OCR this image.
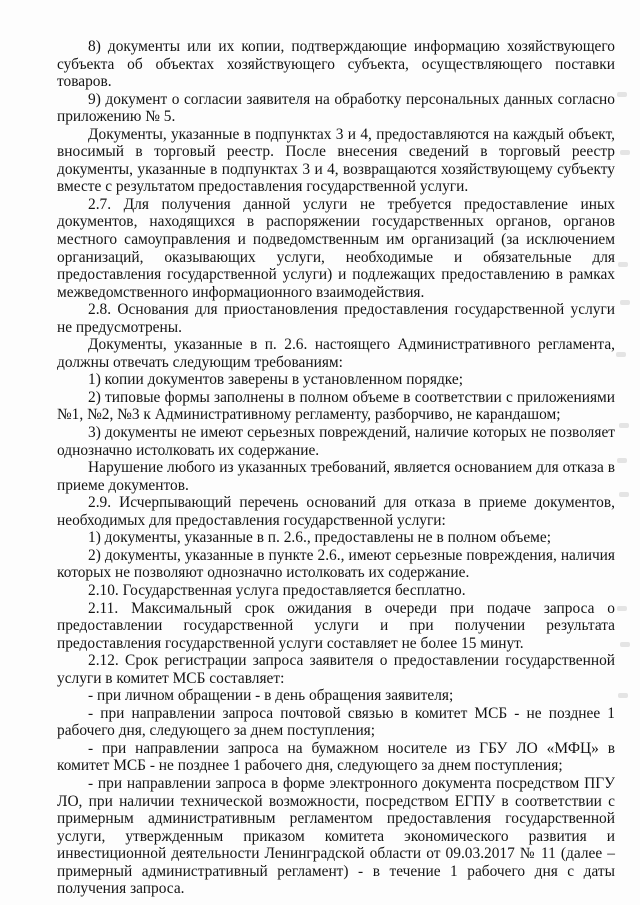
8) документы или их копии, подтверждающие информацию хозяйствующего субъекта об объектах хозяйствующего субъекта, осуществляющего поставки товаров.

9) документ о согласии заявителя на обработку персональных данных согласно приложению № 5.

Документы, указанные в подпунктах 3 и 4, предоставляются на каждый объект, вносимый в торговый реестр. После внесения сведений в торговый реестр документы, указанные в подпунктах 3 и 4, возвращаются хозяйствующему субъекту вместе с результатом предоставления государственной услуги.

2.7. Для получения данной услуги не требуется предоставление иных документов, находящихся в распоряжении государственных органов, органов местного самоуправления и подведомственным им организаций (за исключением организаций, оказывающих услуги, необходимые и обязательные для предоставления государственной услуги) и подлежащих предоставлению в рамках межведомственного информационного взаимодействия.

2.8. Основания для приостановления предоставления государственной услуги не предусмотрены.

Документы, указанные в п. 2.6. настоящего Административного регламента, должны отвечать следующим требованиям:

1) копии документов заверены в установленном порядке;

2) типовые формы заполнены в полном объеме в соответствии с приложениями №1, №2, №3 к Административному регламенту, разборчиво, не карандашом;

3) документы не имеют серьезных повреждений, наличие которых не позволяет однозначно истолковать их содержание.

Нарушение любого из указанных требований, является основанием для отказа в приеме документов.

2.9. Исчерпывающий перечень оснований для отказа в приеме документов, необходимых для предоставления государственной услуги:

1) документы, указанные в п. 2.6., предоставлены не в полном объеме;

2) документы, указанные в пункте 2.6., имеют серьезные повреждения, наличия которых не позволяют однозначно истолковать их содержание.

2.10. Государственная услуга предоставляется бесплатно.

2.11. Максимальный срок ожидания в очереди при подаче запроса о предоставлении государственной услуги и при получении результата предоставления государственной услуги составляет не более 15 минут.

2.12. Срок регистрации запроса заявителя о предоставлении государственной услуги в комитет МСБ составляет:

- при личном обращении - в день обращения заявителя;

- при направлении запроса почтовой связью в комитет МСБ - не позднее 1 рабочего дня, следующего за днем поступления;

- при направлении запроса на бумажном носителе из ГБУ ЛО «МФЦ» в комитет МСБ - не позднее 1 рабочего дня, следующего за днем поступления;

- при направлении запроса в форме электронного документа посредством ПГУ ЛО, при наличии технической возможности, посредством ЕГПУ в соответствии с примерным административным регламентом предоставления государственной услуги, утвержденным приказом комитета экономического развития и инвестиционной деятельности Ленинградской области от 09.03.2017 № 11 (далее – примерный административный регламент) - в течение 1 рабочего дня с даты получения запроса.
